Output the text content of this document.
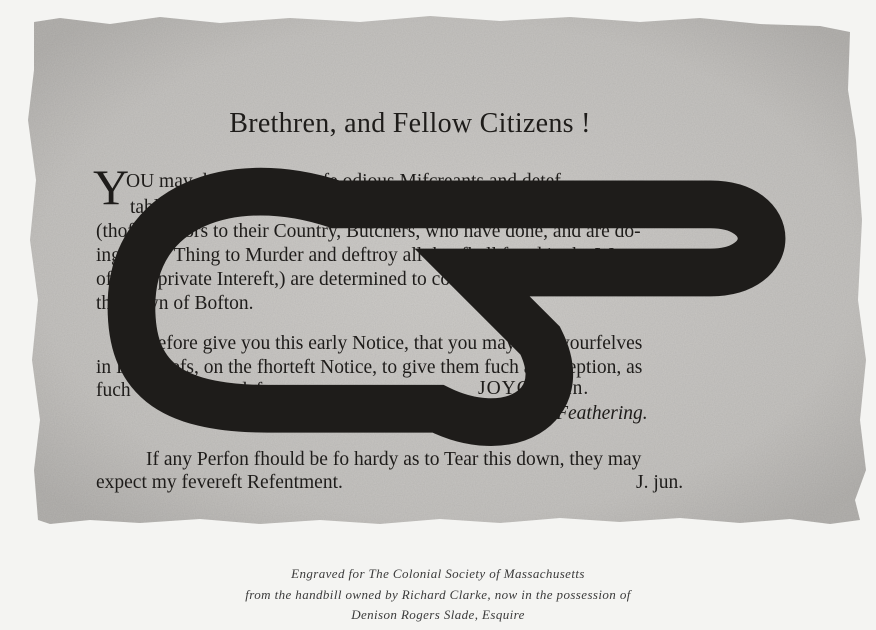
Brethren, and Fellow Citizens !
Y
OU may depend, that thofe odious Mifcreants and detef-
table Tools to Miniftry and Governor, the Tea Consignees,
(thofe Traitors to their Country, Butchers, who have done, and are do-
ing every Thing to Murder and deftroy all that fhall ftand in the Way
of their private Intereft,) are determined to come and refide again in
the Town of Bofton.
I therefore give you this early Notice, that you may hold yourfelves
in Readinefs, on the fhorteft Notice, to give them fuch a Reception, as
fuch vile Ingrates deferve.	JOYCE, jun.
(Chairman of the Committee for Tarring and Feathering.
If any Perfon fhould be fo hardy as to Tear this down, they may
expect my fevereft Refentment.	J. jun.
Engraved for The Colonial Society of Massachusetts
from the handbill owned by Richard Clarke, now in the possession of
Denison Rogers Slade, Esquire
